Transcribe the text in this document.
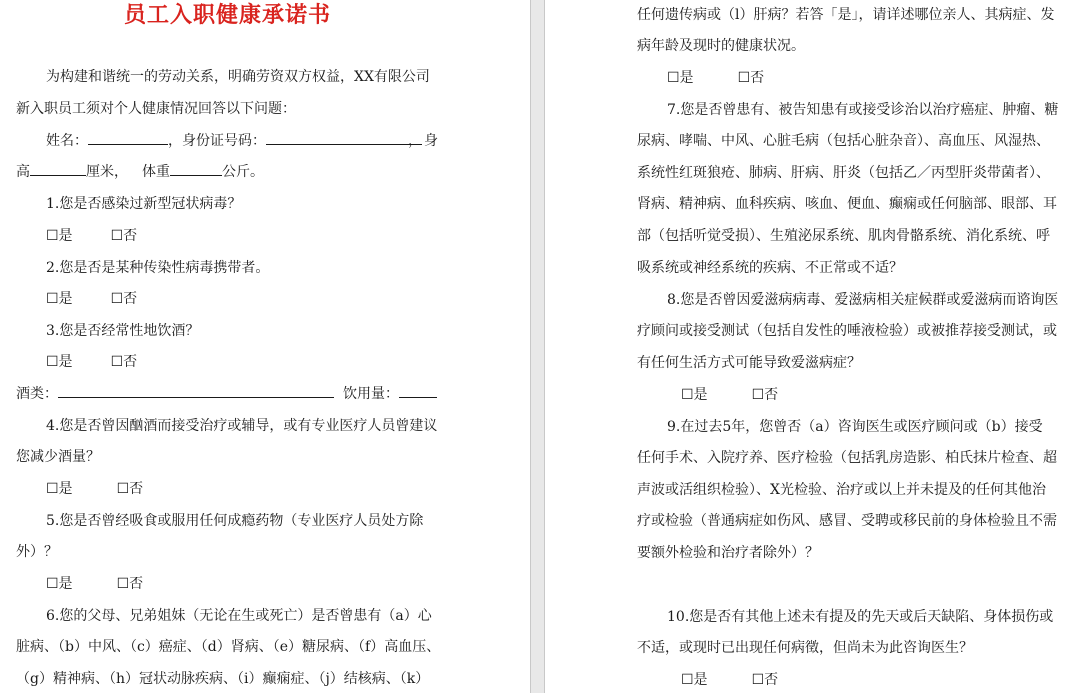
员工入职健康承诺书
为构建和谐统一的劳动关系，明确劳资双方权益，XX有限公司
新入职员工须对个人健康情况回答以下问题：
姓名：	，身份证号码：	， 身
高	厘米， 体重	公斤。
1.您是否感染过新型冠状病毒？
☐是	☐否
2.您是否是某种传染性病毒携带者。
☐是	☐否
3.您是否经常性地饮酒？
☐是	☐否
酒类：	饮用量：
4.您是否曾因酗酒而接受治疗或辅导，或有专业医疗人员曾建议
您减少酒量？
☐是	☐否
5.您是否曾经吸食或服用任何成瘾药物（专业医疗人员处方除
外）？
☐是	☐否
6.您的父母、兄弟姐妹（无论在生或死亡）是否曾患有（a）心
脏病、（b）中风、（c）癌症、（d）肾病、（e）糖尿病、（f）高血压、
（g）精神病、（h）冠状动脉疾病、（i）癫痫症、（j）结核病、（k）
任何遗传病或（l）肝病？若答「是」，请详述哪位亲人、其病症、发
病年龄及现时的健康状况。
☐是	☐否
7.您是否曾患有、被告知患有或接受诊治以治疗癌症、肿瘤、糖
尿病、哮喘、中风、心脏毛病（包括心脏杂音）、高血压、风湿热、
系统性红斑狼疮、肺病、肝病、肝炎（包括乙／丙型肝炎带菌者）、
肾病、精神病、血科疾病、咳血、便血、癫痫或任何脑部、眼部、耳
部（包括听觉受损）、生殖泌尿系统、肌肉骨骼系统、消化系统、呼
吸系统或神经系统的疾病、不正常或不适？
8.您是否曾因爱滋病病毒、爱滋病相关症候群或爱滋病而谘询医
疗顾问或接受测试（包括自发性的唾液检验）或被推荐接受测试，或
有任何生活方式可能导致爱滋病症？
☐是	☐否
9.在过去5年，您曾否（a）咨询医生或医疗顾问或（b）接受
任何手术、入院疗养、医疗检验（包括乳房造影、柏氏抹片检查、超
声波或活组织检验）、X光检验、治疗或以上并未提及的任何其他治
疗或检验（普通病症如伤风、感冒、受聘或移民前的身体检验且不需
要额外检验和治疗者除外）？
10.您是否有其他上述未有提及的先天或后天缺陷、身体损伤或
不适，或现时已出现任何病徵，但尚未为此咨询医生？
☐是	☐否
